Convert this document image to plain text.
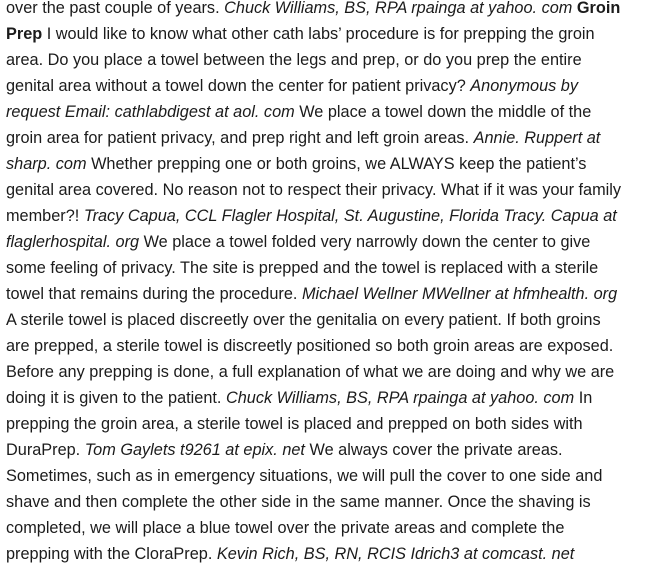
over the past couple of years. Chuck Williams, BS, RPA rpainga at yahoo. com Groin
Prep I would like to know what other cath labs’ procedure is for prepping the groin
area. Do you place a towel between the legs and prep, or do you prep the entire
genital area without a towel down the center for patient privacy? Anonymous by
request Email: cathlabdigest at aol. com We place a towel down the middle of the
groin area for patient privacy, and prep right and left groin areas. Annie. Ruppert at
sharp. com Whether prepping one or both groins, we ALWAYS keep the patient’s
genital area covered. No reason not to respect their privacy. What if it was your family
member?! Tracy Capua, CCL Flagler Hospital, St. Augustine, Florida Tracy. Capua at
flaglerhospital. org We place a towel folded very narrowly down the center to give
some feeling of privacy. The site is prepped and the towel is replaced with a sterile
towel that remains during the procedure. Michael Wellner MWellner at hfmhealth. org
A sterile towel is placed discreetly over the genitalia on every patient. If both groins
are prepped, a sterile towel is discreetly positioned so both groin areas are exposed.
Before any prepping is done, a full explanation of what we are doing and why we are
doing it is given to the patient. Chuck Williams, BS, RPA rpainga at yahoo. com In
prepping the groin area, a sterile towel is placed and prepped on both sides with
DuraPrep. Tom Gaylets t9261 at epix. net We always cover the private areas.
Sometimes, such as in emergency situations, we will pull the cover to one side and
shave and then complete the other side in the same manner. Once the shaving is
completed, we will place a blue towel over the private areas and complete the
prepping with the CloraPrep. Kevin Rich, BS, RN, RCIS Idrich3 at comcast. net
